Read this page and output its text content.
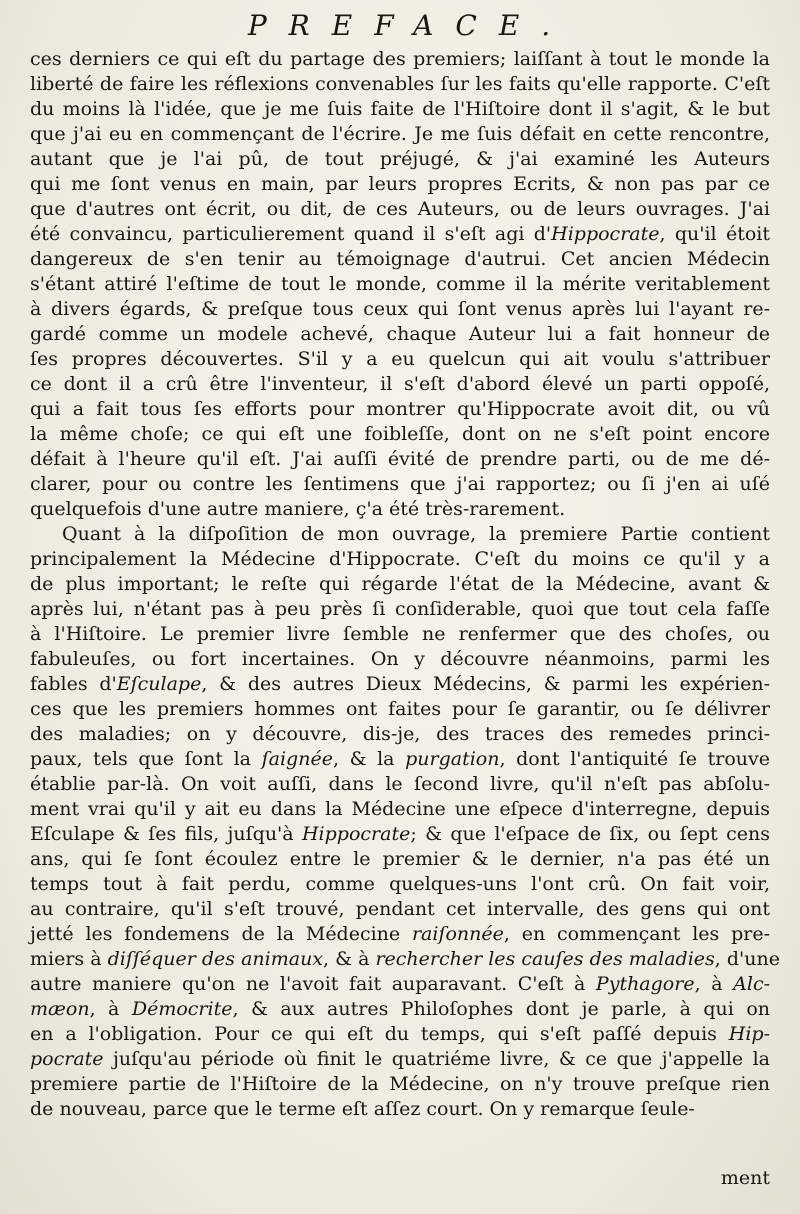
PREFACE.
ces derniers ce qui eſt du partage des premiers; laiſſant à tout le monde la
liberté de faire les réflexions convenables ſur les faits qu'elle rapporte. C'eſt
du moins là l'idée, que je me ſuis faite de l'Hiſtoire dont il s'agit, & le but
que j'ai eu en commençant de l'écrire. Je me ſuis défait en cette rencontre,
autant que je l'ai pû, de tout préjugé, & j'ai examiné les Auteurs
qui me ſont venus en main, par leurs propres Ecrits, & non pas par ce
que d'autres ont écrit, ou dit, de ces Auteurs, ou de leurs ouvrages. J'ai
été convaincu, particulierement quand il s'eſt agi d'Hippocrate, qu'il étoit
dangereux de s'en tenir au témoignage d'autrui. Cet ancien Médecin
s'étant attiré l'eſtime de tout le monde, comme il la mérite veritablement
à divers égards, & preſque tous ceux qui ſont venus après lui l'ayant re-
gardé comme un modele achevé, chaque Auteur lui a fait honneur de
ſes propres découvertes. S'il y a eu quelcun qui ait voulu s'attribuer
ce dont il a crû être l'inventeur, il s'eſt d'abord élevé un parti oppoſé,
qui a fait tous ſes efforts pour montrer qu'Hippocrate avoit dit, ou vû
la même choſe; ce qui eſt une foibleſſe, dont on ne s'eſt point encore
défait à l'heure qu'il eſt. J'ai auſſi évité de prendre parti, ou de me dé-
clarer, pour ou contre les ſentimens que j'ai rapportez; ou ſi j'en ai uſé
quelquefois d'une autre maniere, ç'a été très-rarement.
Quant à la diſpoſition de mon ouvrage, la premiere Partie contient
principalement la Médecine d'Hippocrate. C'eſt du moins ce qu'il y a
de plus important; le reſte qui régarde l'état de la Médecine, avant &
après lui, n'étant pas à peu près ſi conſiderable, quoi que tout cela faſſe
à l'Hiſtoire. Le premier livre ſemble ne renfermer que des choſes, ou
fabuleuſes, ou fort incertaines. On y découvre néanmoins, parmi les
fables d'Eſculape, & des autres Dieux Médecins, & parmi les expérien-
ces que les premiers hommes ont faites pour ſe garantir, ou ſe délivrer
des maladies; on y découvre, dis-je, des traces des remedes princi-
paux, tels que ſont la ſaignée, & la purgation, dont l'antiquité ſe trouve
établie par-là. On voit auſſi, dans le ſecond livre, qu'il n'eſt pas abſolu-
ment vrai qu'il y ait eu dans la Médecine une eſpece d'interregne, depuis
Eſculape & ſes fils, juſqu'à Hippocrate; & que l'eſpace de ſix, ou ſept cens
ans, qui ſe ſont écoulez entre le premier & le dernier, n'a pas été un
temps tout à fait perdu, comme quelques-uns l'ont crû. On fait voir,
au contraire, qu'il s'eſt trouvé, pendant cet intervalle, des gens qui ont
jetté les fondemens de la Médecine raiſonnée, en commençant les pre-
miers à diſſéquer des animaux, & à rechercher les cauſes des maladies, d'une
autre maniere qu'on ne l'avoit fait auparavant. C'eſt à Pythagore, à Alc-
mæon, à Démocrite, & aux autres Philoſophes dont je parle, à qui on
en a l'obligation. Pour ce qui eſt du temps, qui s'eſt paſſé depuis Hip-
pocrate juſqu'au période où finit le quatriéme livre, & ce que j'appelle la
premiere partie de l'Hiſtoire de la Médecine, on n'y trouve preſque rien
de nouveau, parce que le terme eſt aſſez court. On y remarque ſeule-
ment
